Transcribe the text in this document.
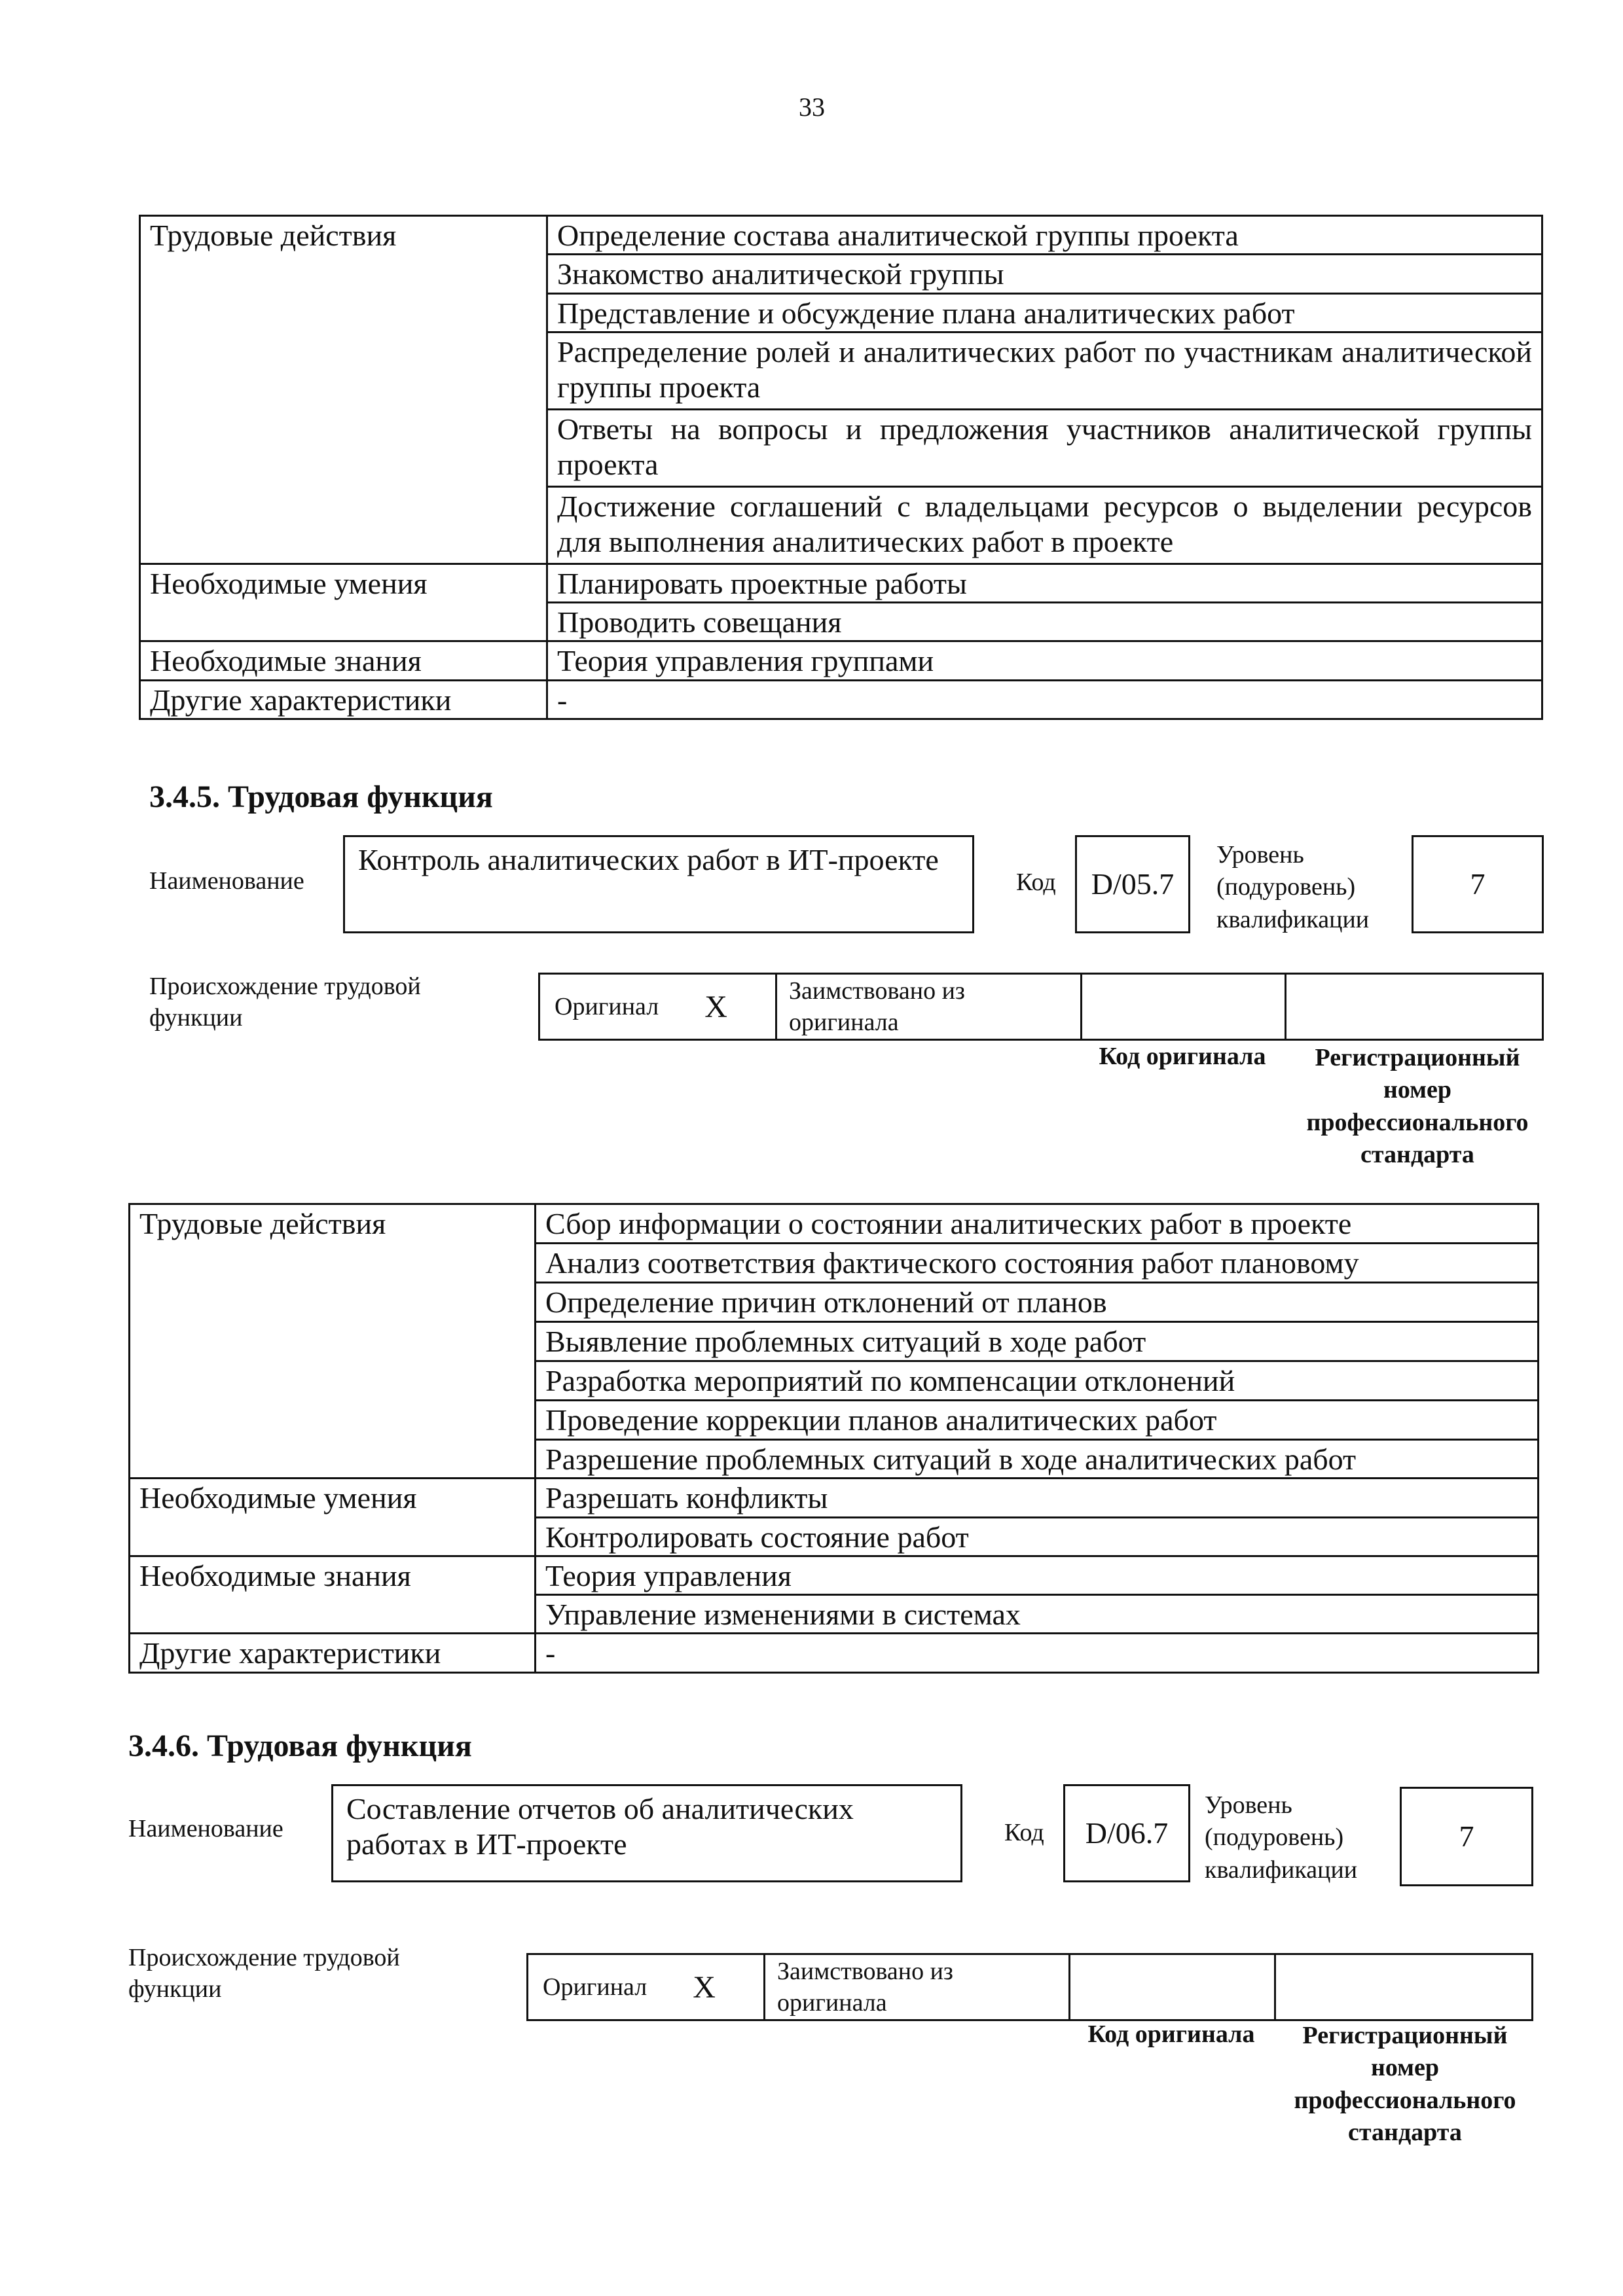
33
Трудовые действия	Определение состава аналитической группы проекта
	Знакомство аналитической группы
	Представление и обсуждение плана аналитических работ
	Распределение ролей и аналитических работ по участникам аналитической группы проекта
	Ответы на вопросы и предложения участников аналитической группы проекта
	Достижение соглашений с владельцами ресурсов о выделении ресурсов для выполнения аналитических работ в проекте
Необходимые умения	Планировать проектные работы
	Проводить совещания
Необходимые знания	Теория управления группами
Другие характеристики	-
3.4.5. Трудовая функция
Наименование
Контроль аналитических работ в ИТ-проекте
Код	D/05.7
Уровень (подуровень) квалификации
7
Происхождение трудовой функции	Оригинал X	Заимствовано из оригинала
Код оригинала	Регистрационный номер профессионального стандарта
Трудовые действия	Сбор информации о состоянии аналитических работ в проекте
	Анализ соответствия фактического состояния работ плановому
	Определение причин отклонений от планов
	Выявление проблемных ситуаций в ходе работ
	Разработка мероприятий по компенсации отклонений
	Проведение коррекции планов аналитических работ
	Разрешение проблемных ситуаций в ходе аналитических работ
Необходимые умения	Разрешать конфликты
	Контролировать состояние работ
Необходимые знания	Теория управления
	Управление изменениями в системах
Другие характеристики	-
3.4.6. Трудовая функция
Наименование
Составление отчетов об аналитических работах в ИТ-проекте	Код	D/06.7
Уровень (подуровень) квалификации
7
Происхождение трудовой функции	Оригинал X	Заимствовано из оригинала
Код оригинала	Регистрационный номер профессионального стандарта
